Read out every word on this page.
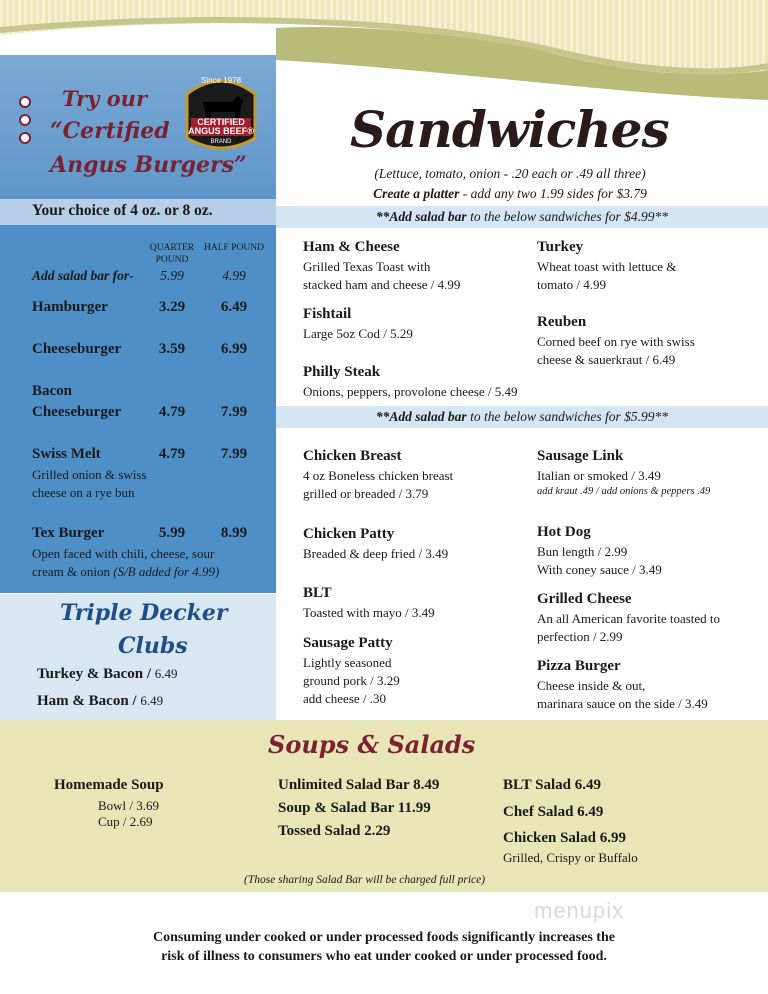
Try our
“Certified
Angus Burgers”
Since 1978
CERTIFIED
ANGUS BEEF®
BRAND
Your choice of 4 oz. or 8 oz.
QUARTER POUND
HALF POUND
Add salad bar for-	5.99	4.99
Hamburger	3.29	6.49
Cheeseburger	3.59	6.99
Bacon
Cheeseburger	4.79	7.99
Swiss Melt	4.79	7.99
Grilled onion & swiss
cheese on a rye bun
Tex Burger	5.99	8.99
Open faced with chili, cheese, sour
cream & onion (S/B added for 4.99)
Triple Decker
Clubs
Turkey & Bacon / 6.49
Ham & Bacon / 6.49
Sandwiches
(Lettuce, tomato, onion - .20 each or .49 all three)
Create a platter - add any two 1.99 sides for $3.79
**Add salad bar to the below sandwiches for $4.99**
Ham & Cheese
Grilled Texas Toast with
stacked ham and cheese / 4.99
Fishtail
Large 5oz Cod / 5.29
Philly Steak
Onions, peppers, provolone cheese / 5.49
Turkey
Wheat toast with lettuce &
tomato / 4.99
Reuben
Corned beef on rye with swiss
cheese & sauerkraut / 6.49
**Add salad bar to the below sandwiches for $5.99**
Chicken Breast
4 oz Boneless chicken breast
grilled or breaded / 3.79
Chicken Patty
Breaded & deep fried / 3.49
BLT
Toasted with mayo / 3.49
Sausage Patty
Lightly seasoned
ground pork / 3.29
add cheese / .30
Sausage Link
Italian or smoked / 3.49
add kraut .49 / add onions & peppers .49
Hot Dog
Bun length / 2.99
With coney sauce / 3.49
Grilled Cheese
An all American favorite toasted to
perfection / 2.99
Pizza Burger
Cheese inside & out,
marinara sauce on the side / 3.49
Soups & Salads
Homemade Soup
Bowl / 3.69
Cup / 2.69
Unlimited Salad Bar 8.49
Soup & Salad Bar 11.99
Tossed Salad 2.29
BLT Salad 6.49
Chef Salad 6.49
Chicken Salad 6.99
Grilled, Crispy or Buffalo
(Those sharing Salad Bar will be charged full price)
menupix
Consuming under cooked or under processed foods significantly increases the
risk of illness to consumers who eat under cooked or under processed food.
